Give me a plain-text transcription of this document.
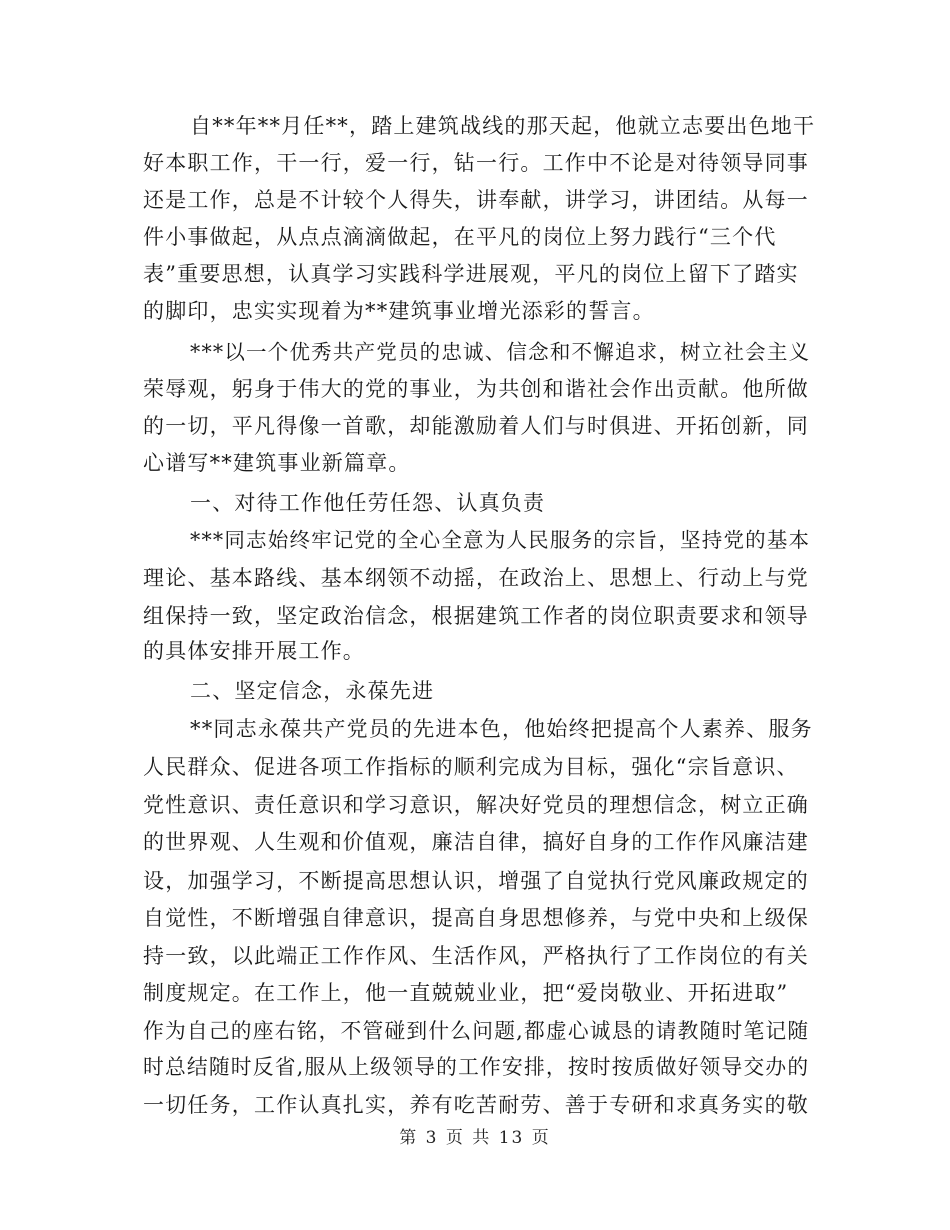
自**年**月任**，踏上建筑战线的那天起，他就立志要出色地干
好本职工作，干一行，爱一行，钻一行。工作中不论是对待领导同事
还是工作，总是不计较个人得失，讲奉献，讲学习，讲团结。从每一
件小事做起，从点点滴滴做起，在平凡的岗位上努力践行“三个代
表”重要思想，认真学习实践科学进展观，平凡的岗位上留下了踏实
的脚印，忠实实现着为**建筑事业增光添彩的誓言。
***以一个优秀共产党员的忠诚、信念和不懈追求，树立社会主义
荣辱观，躬身于伟大的党的事业，为共创和谐社会作出贡献。他所做
的一切，平凡得像一首歌，却能激励着人们与时俱进、开拓创新，同
心谱写**建筑事业新篇章。
一、对待工作他任劳任怨、认真负责
***同志始终牢记党的全心全意为人民服务的宗旨，坚持党的基本
理论、基本路线、基本纲领不动摇，在政治上、思想上、行动上与党
组保持一致，坚定政治信念，根据建筑工作者的岗位职责要求和领导
的具体安排开展工作。
二、坚定信念，永葆先进
**同志永葆共产党员的先进本色，他始终把提高个人素养、服务
人民群众、促进各项工作指标的顺利完成为目标，强化“宗旨意识、
党性意识、责任意识和学习意识，解决好党员的理想信念，树立正确
的世界观、人生观和价值观，廉洁自律，搞好自身的工作作风廉洁建
设，加强学习，不断提高思想认识，增强了自觉执行党风廉政规定的
自觉性，不断增强自律意识，提高自身思想修养，与党中央和上级保
持一致，以此端正工作作风、生活作风，严格执行了工作岗位的有关
制度规定。在工作上，他一直兢兢业业，把“爱岗敬业、开拓进取”
作为自己的座右铭，不管碰到什么问题,都虚心诚恳的请教随时笔记随
时总结随时反省,服从上级领导的工作安排，按时按质做好领导交办的
一切任务，工作认真扎实，养有吃苦耐劳、善于专研和求真务实的敬
第 3 页 共 13 页
